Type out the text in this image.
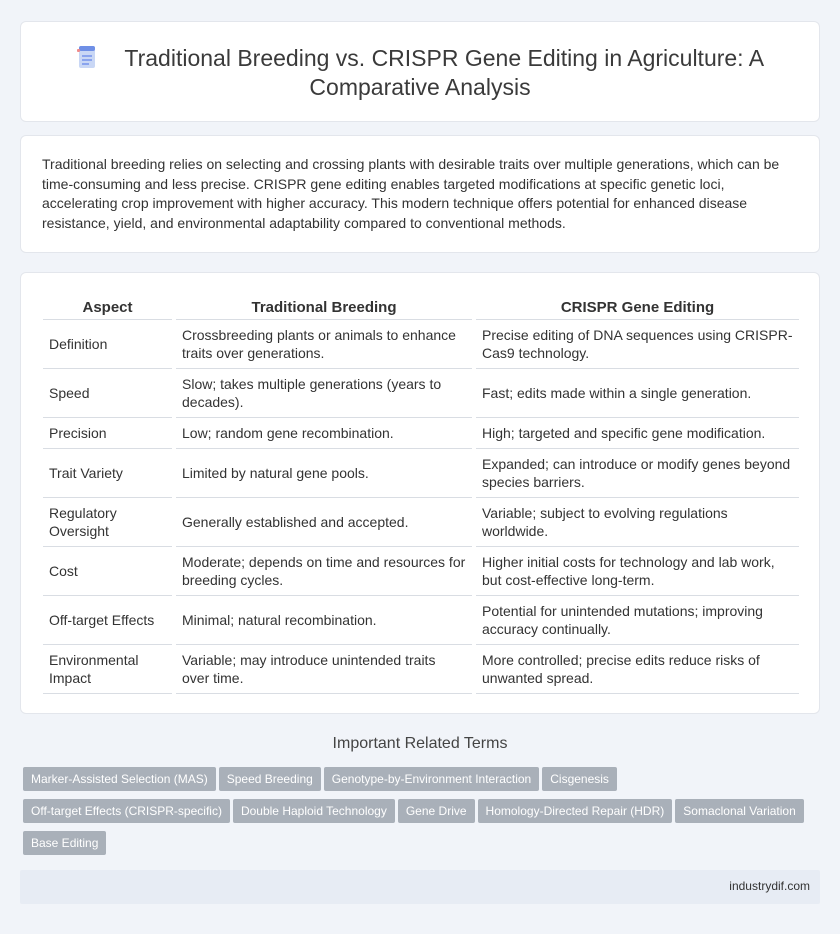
Traditional Breeding vs. CRISPR Gene Editing in Agriculture: A Comparative Analysis

Traditional breeding relies on selecting and crossing plants with desirable traits over multiple generations, which can be time-consuming and less precise. CRISPR gene editing enables targeted modifications at specific genetic loci, accelerating crop improvement with higher accuracy. This modern technique offers potential for enhanced disease resistance, yield, and environmental adaptability compared to conventional methods.

Aspect	Traditional Breeding	CRISPR Gene Editing
Definition	Crossbreeding plants or animals to enhance traits over generations.	Precise editing of DNA sequences using CRISPR-Cas9 technology.
Speed	Slow; takes multiple generations (years to decades).	Fast; edits made within a single generation.
Precision	Low; random gene recombination.	High; targeted and specific gene modification.
Trait Variety	Limited by natural gene pools.	Expanded; can introduce or modify genes beyond species barriers.
Regulatory Oversight	Generally established and accepted.	Variable; subject to evolving regulations worldwide.
Cost	Moderate; depends on time and resources for breeding cycles.	Higher initial costs for technology and lab work, but cost-effective long-term.
Off-target Effects	Minimal; natural recombination.	Potential for unintended mutations; improving accuracy continually.
Environmental Impact	Variable; may introduce unintended traits over time.	More controlled; precise edits reduce risks of unwanted spread.
Important Related Terms
Marker-Assisted Selection (MAS) Speed Breeding Genotype-by-Environment Interaction Cisgenesis
Off-target Effects (CRISPR-specific) Double Haploid Technology Gene Drive Homology-Directed Repair (HDR) Somaclonal Variation
Base Editing
industrydif.com
